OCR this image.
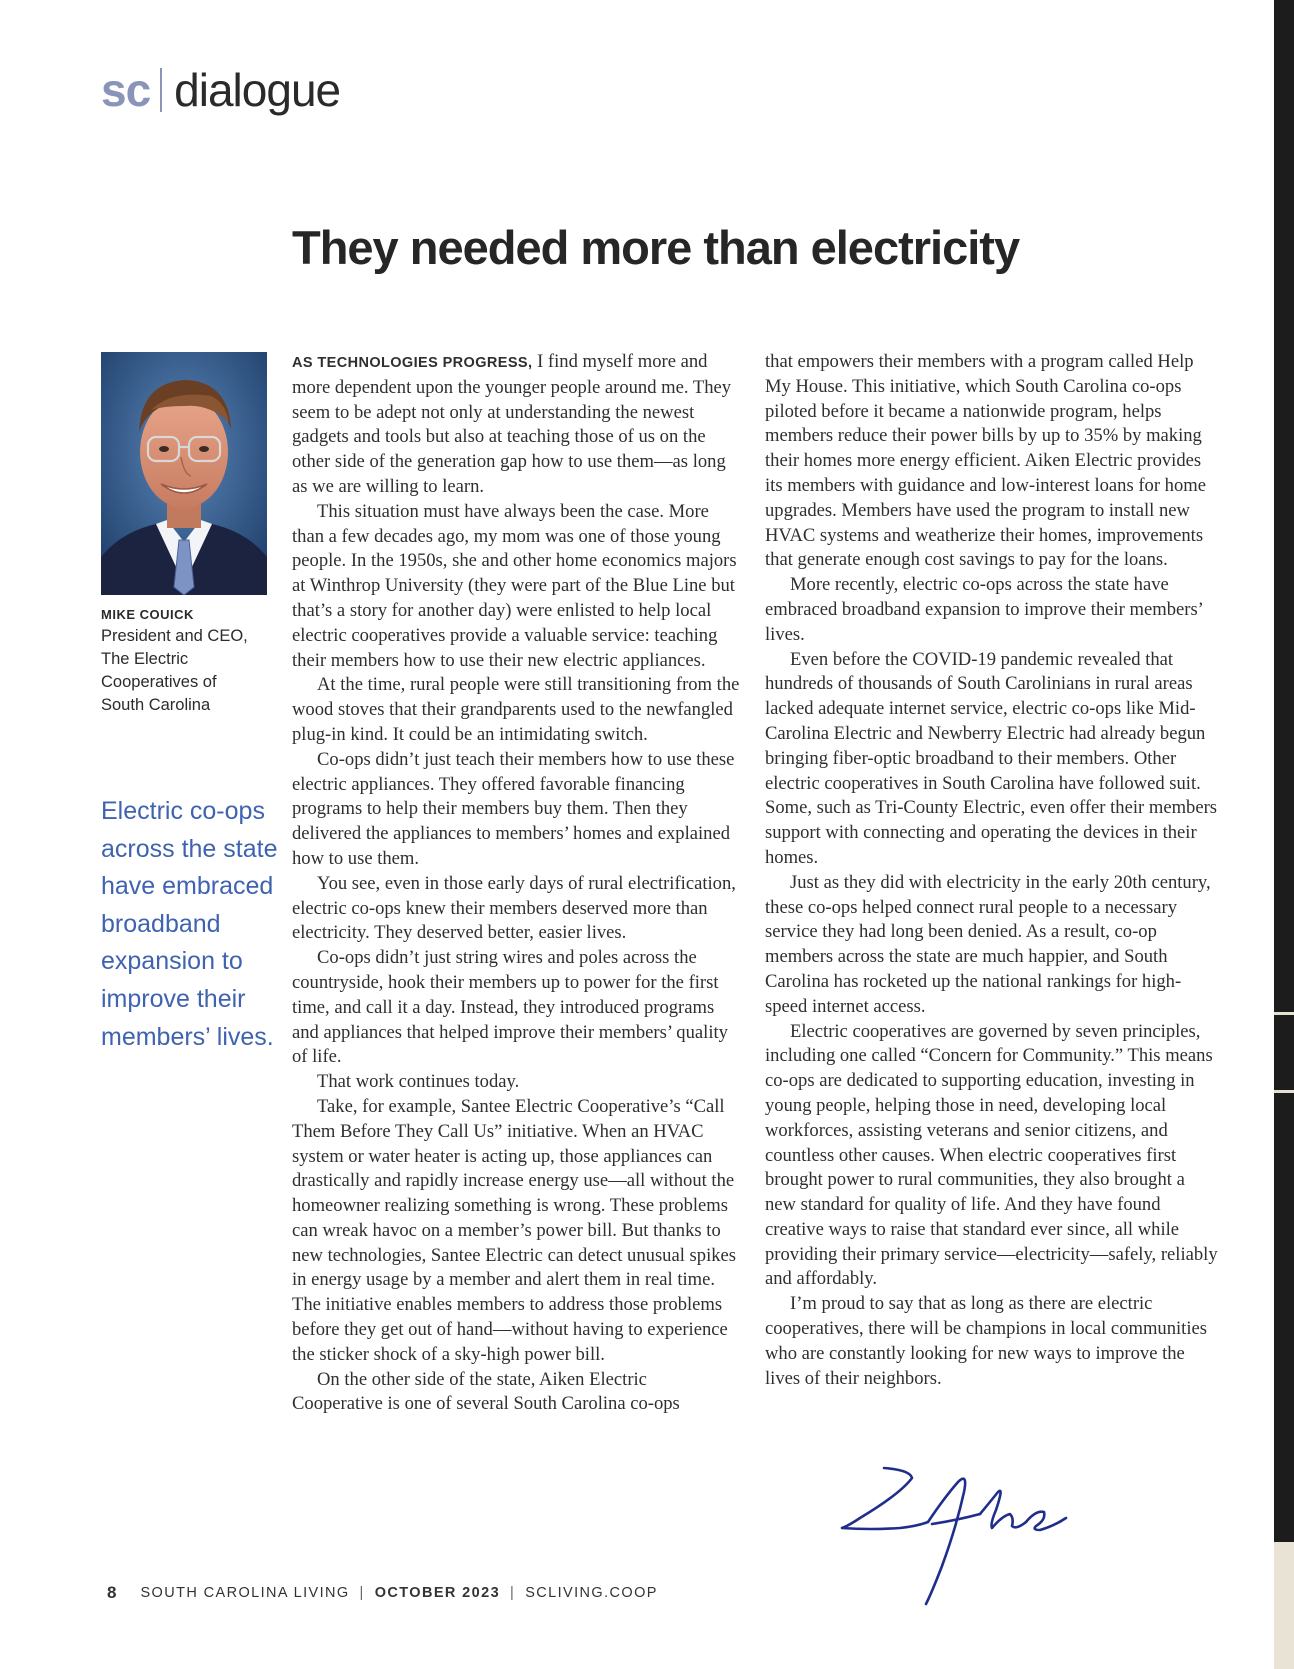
sc dialogue
They needed more than electricity
MIKE COUICK
President and CEO,
The Electric
Cooperatives of
South Carolina

Electric co-ops across the state have embraced broadband expansion to improve their members’ lives.

AS TECHNOLOGIES PROGRESS, I find myself more and more dependent upon the younger people around me. They seem to be adept not only at understanding the newest gadgets and tools but also at teaching those of us on the other side of the generation gap how to use them—as long as we are willing to learn.

This situation must have always been the case. More than a few decades ago, my mom was one of those young people. In the 1950s, she and other home economics majors at Winthrop University (they were part of the Blue Line but that’s a story for another day) were enlisted to help local electric cooperatives provide a valuable service: teaching their members how to use their new electric appliances.

At the time, rural people were still transitioning from the wood stoves that their grandparents used to the newfangled plug-in kind. It could be an intimidating switch.

Co-ops didn’t just teach their members how to use these electric appliances. They offered favorable financing programs to help their members buy them. Then they delivered the appliances to members’ homes and explained how to use them.

You see, even in those early days of rural electrification, electric co-ops knew their members deserved more than electricity. They deserved better, easier lives.

Co-ops didn’t just string wires and poles across the countryside, hook their members up to power for the first time, and call it a day. Instead, they introduced programs and appliances that helped improve their members’ quality of life.

That work continues today.

Take, for example, Santee Electric Cooperative’s “Call Them Before They Call Us” initiative. When an HVAC system or water heater is acting up, those appliances can drastically and rapidly increase energy use—all without the homeowner realizing something is wrong. These problems can wreak havoc on a member’s power bill. But thanks to new technologies, Santee Electric can detect unusual spikes in energy usage by a member and alert them in real time. The initiative enables members to address those problems before they get out of hand—without having to experience the sticker shock of a sky-high power bill.

On the other side of the state, Aiken Electric Cooperative is one of several South Carolina co-ops

that empowers their members with a program called Help My House. This initiative, which South Carolina co-ops piloted before it became a nationwide program, helps members reduce their power bills by up to 35% by making their homes more energy efficient. Aiken Electric provides its members with guidance and low-interest loans for home upgrades. Members have used the program to install new HVAC systems and weatherize their homes, improvements that generate enough cost savings to pay for the loans.

More recently, electric co-ops across the state have embraced broadband expansion to improve their members’ lives.

Even before the COVID-19 pandemic revealed that hundreds of thousands of South Carolinians in rural areas lacked adequate internet service, electric co-ops like Mid-Carolina Electric and Newberry Electric had already begun bringing fiber-optic broadband to their members. Other electric cooperatives in South Carolina have followed suit. Some, such as Tri-County Electric, even offer their members support with connecting and operating the devices in their homes.

Just as they did with electricity in the early 20th century, these co-ops helped connect rural people to a necessary service they had long been denied. As a result, co-op members across the state are much happier, and South Carolina has rocketed up the national rankings for high-speed internet access.

Electric cooperatives are governed by seven principles, including one called “Concern for Community.” This means co-ops are dedicated to supporting education, investing in young people, helping those in need, developing local workforces, assisting veterans and senior citizens, and countless other causes. When electric cooperatives first brought power to rural communities, they also brought a new standard for quality of life. And they have found creative ways to raise that standard ever since, all while providing their primary service—electricity—safely, reliably and affordably.

I’m proud to say that as long as there are electric cooperatives, there will be champions in local communities who are constantly looking for new ways to improve the lives of their neighbors.

8 SOUTH CAROLINA LIVING | OCTOBER 2023 | SCLIVING.COOP
